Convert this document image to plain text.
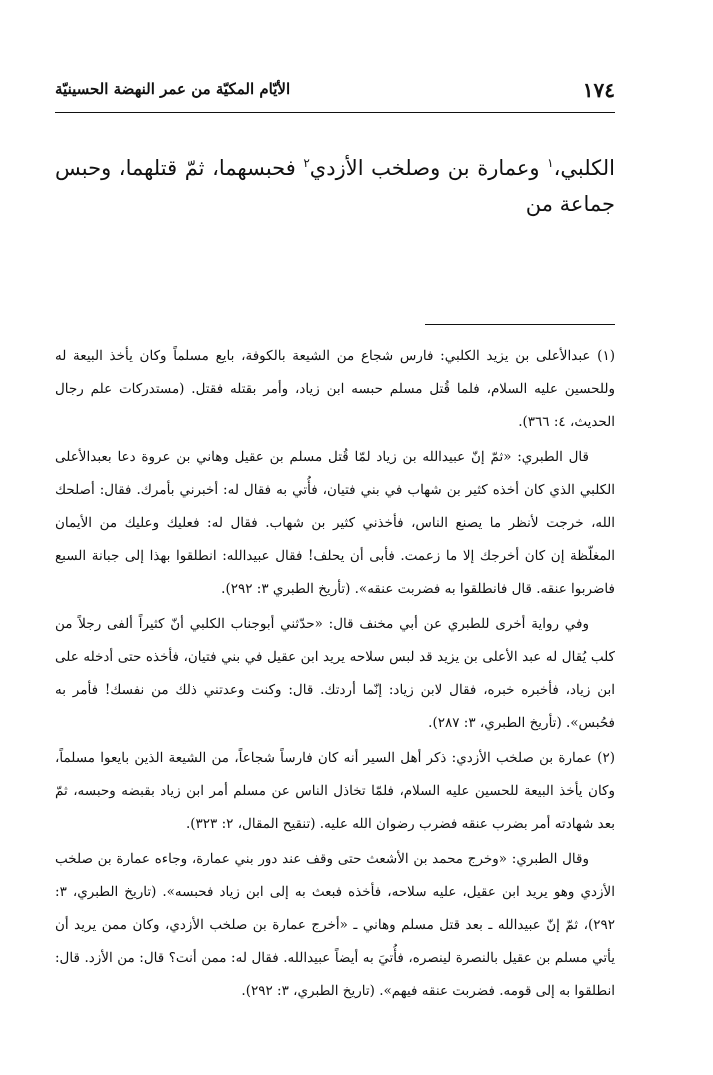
١٧٤
الأيّام المكيّة من عمر النهضة الحسينيّة
الكلبي،$^١$ وعمارة بن وصلخب الأزدي$^٢$ فحبسهما، ثمّ قتلهما، وحبس جماعة من

(١) عبدالأعلى بن يزيد الكلبي: فارس شجاع من الشيعة بالكوفة، بايع مسلماً وكان يأخذ البيعة له وللحسين عليه السلام، فلما قُتل مسلم حبسه ابن زياد، وأمر بقتله فقتل. (مستدركات علم رجال الحديث، ٤: ٣٦٦).

قال الطبري: «ثمّ إنّ عبيدالله بن زياد لمّا قُتل مسلم بن عقيل وهاني بن عروة دعا بعبدالأعلى الكلبي الذي كان أخذه كثير بن شهاب في بني فتيان، فأُتي به فقال له: أخبرني بأمرك. فقال: أصلحك الله، خرجت لأنظر ما يصنع الناس، فأخذني كثير بن شهاب. فقال له: فعليك وعليك من الأيمان المغلّظة إن كان أخرجك إلا ما زعمت. فأبى أن يحلف! فقال عبيدالله: انطلقوا بهذا إلى جبانة السبع فاضربوا عنقه. قال فانطلقوا به فضربت عنقه». (تأريخ الطبري ٣: ٢٩٢).

وفي رواية أخرى للطبري عن أبي مخنف قال: «حدّثني أبوجناب الكلبي أنّ كثيراً ألفى رجلاً من كلب يُقال له عبد الأعلى بن يزيد قد لبس سلاحه يريد ابن عقيل في بني فتيان، فأخذه حتى أدخله على ابن زياد، فأخبره خبره، فقال لابن زياد: إنّما أردتك. قال: وكنت وعدتني ذلك من نفسك! فأمر به فحُبس». (تأريخ الطبري، ٣: ٢٨٧).

(٢) عمارة بن صلخب الأزدي: ذكر أهل السير أنه كان فارساً شجاعاً، من الشيعة الذين بايعوا مسلماً، وكان يأخذ البيعة للحسين عليه السلام، فلمّا تخاذل الناس عن مسلم أمر ابن زياد بقبضه وحبسه، ثمّ بعد شهادته أمر بضرب عنقه فضرب رضوان الله عليه. (تنقيح المقال، ٢: ٣٢٣).

وقال الطبري: «وخرج محمد بن الأشعث حتى وقف عند دور بني عمارة، وجاءه عمارة بن صلخب الأزدي وهو يريد ابن عقيل، عليه سلاحه، فأخذه فبعث به إلى ابن زياد فحبسه». (تاريخ الطبري، ٣: ٢٩٢)، ثمّ إنّ عبيدالله ـ بعد قتل مسلم وهاني ـ «أخرج عمارة بن صلخب الأزدي، وكان ممن يريد أن يأتي مسلم بن عقيل بالنصرة لينصره، فأُتيَ به أيضاً عبيدالله. فقال له: ممن أنت؟ قال: من الأزد. قال: انطلقوا به إلى قومه. فضربت عنقه فيهم». (تاريخ الطبري، ٣: ٢٩٢).
